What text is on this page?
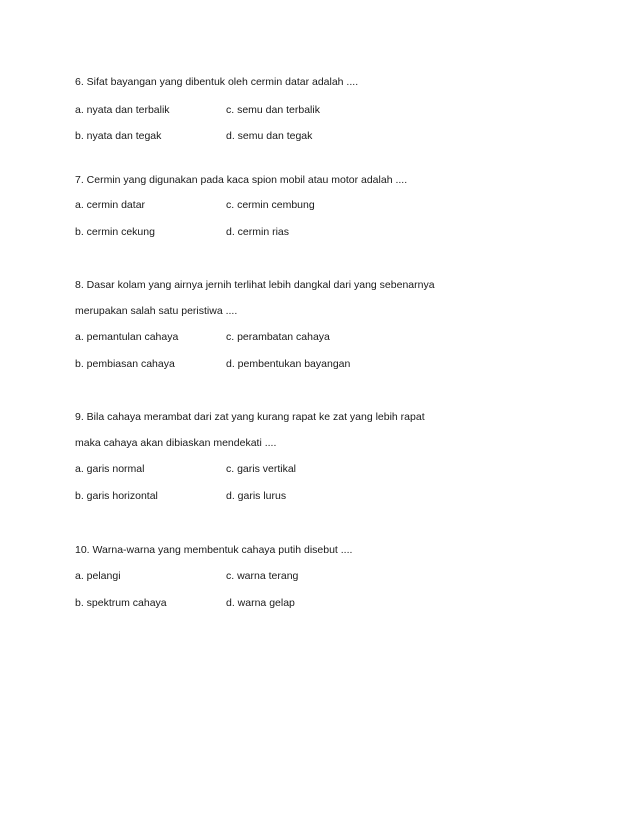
6. Sifat bayangan yang dibentuk oleh cermin datar adalah ....
a. nyata dan terbalik	c. semu dan terbalik
b. nyata dan tegak	d. semu dan tegak
7. Cermin yang digunakan pada kaca spion mobil atau motor adalah ....
a. cermin datar	c. cermin cembung
b. cermin cekung	d. cermin rias
8. Dasar kolam yang airnya jernih terlihat lebih dangkal dari yang sebenarnya
merupakan salah satu peristiwa ....
a. pemantulan cahaya	c. perambatan cahaya
b. pembiasan cahaya	d. pembentukan bayangan
9. Bila cahaya merambat dari zat yang kurang rapat ke zat yang lebih rapat
maka cahaya akan dibiaskan mendekati ....
a. garis normal	c. garis vertikal
b. garis horizontal	d. garis lurus
10. Warna-warna yang membentuk cahaya putih disebut ....
a. pelangi	c. warna terang
b. spektrum cahaya	d. warna gelap
